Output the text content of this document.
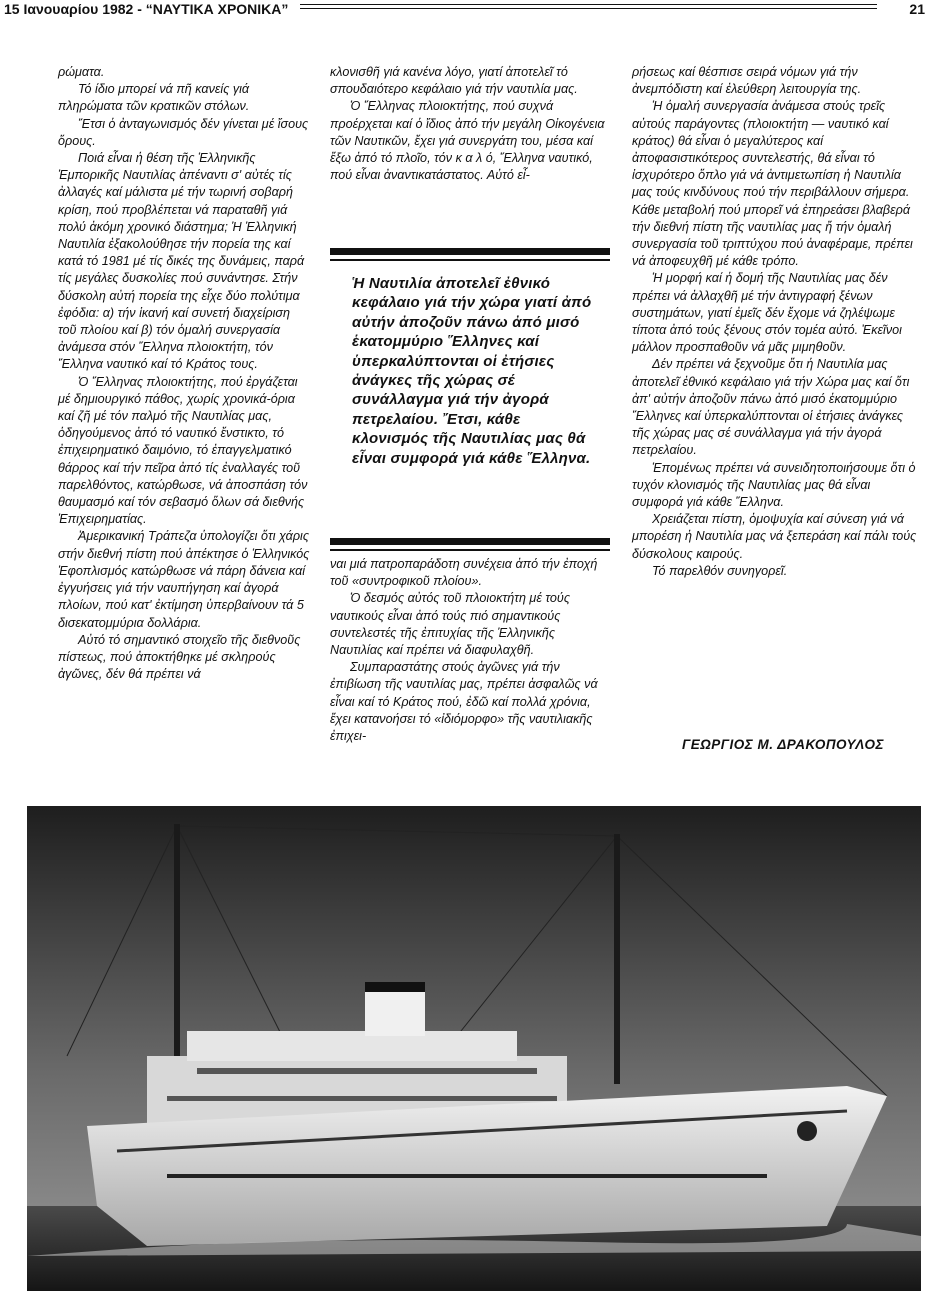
15 Ιανουαρίου 1982 - “ΝΑΥΤΙΚΑ ΧΡΟΝΙΚΑ”	21

ρώματα.

Τό ίδιο μπορεί νά πῆ κανείς γιά πληρώματα τῶν κρατικῶν στόλων.

Ἔτσι ὁ ἀνταγωνισμός δέν γίνεται μέ ἴσους ὅρους.

Ποιά εἶναι ἡ θέση τῆς Ἑλληνικῆς Ἐμπορικῆς Ναυτιλίας ἀπέναντι σ' αὐτές τίς ἀλλαγές καί μάλιστα μέ τήν τωρινή σοβαρή κρίση, πού προβλέπεται νά παραταθῆ γιά πολύ ἀκόμη χρονικό διάστημα; Ἡ Ἑλληνική Ναυτιλία ἐξακολούθησε τήν πορεία της καί κατά τό 1981 μέ τίς δικές της δυνάμεις, παρά τίς μεγάλες δυσκολίες πού συνάντησε. Στήν δύσκολη αὐτή πορεία της εἶχε δύο πολύτιμα ἐφόδια: α) τήν ἱκανή καί συνετή διαχείριση τοῦ πλοίου καί β) τόν ὁμαλή συνεργασία ἀνάμεσα στόν Ἕλληνα πλοιοκτήτη, τόν Ἕλληνα ναυτικό καί τό Κράτος τους.

Ὁ Ἕλληνας πλοιοκτήτης, πού ἐργάζεται μέ δημιουργικό πάθος, χωρίς χρονικά-όρια καί ζῆ μέ τόν παλμό τῆς Ναυτιλίας μας, ὁδηγούμενος ἀπό τό ναυτικό ἔνστικτο, τό ἐπιχειρηματικό δαιμόνιο, τό ἐπαγγελματικό θάρρος καί τήν πεῖρα ἀπό τίς ἐναλλαγές τοῦ παρελθόντος, κατώρθωσε, νά ἀποσπάση τόν θαυμασμό καί τόν σεβασμό ὅλων σά διεθνής Ἐπιχειρηματίας.

Ἀμερικανική Τράπεζα ὑπολογίζει ὅτι χάρις στήν διεθνή πίστη πού ἀπέκτησε ὁ Ἑλληνικός Ἐφοπλισμός κατώρθωσε νά πάρη δάνεια καί ἐγγυήσεις γιά τήν ναυπήγηση καί ἀγορά πλοίων, πού κατ' ἐκτίμηση ὑπερβαίνουν τά 5 δισεκατομμύρια δολλάρια.

Αὐτό τό σημαντικό στοιχεῖο τῆς διεθνοῦς πίστεως, πού ἀποκτήθηκε μέ σκληρούς ἀγῶνες, δέν θά πρέπει νά

κλονισθῆ γιά κανένα λόγο, γιατί ἀποτελεῖ τό σπουδαιότερο κεφάλαιο γιά τήν ναυτιλία μας.

Ὁ Ἕλληνας πλοιοκτήτης, πού συχνά προέρχεται καί ὁ ἴδιος ἀπό τήν μεγάλη Οἰκογένεια τῶν Ναυτικῶν, ἔχει γιά συνεργάτη του, μέσα καί ἔξω ἀπό τό πλοῖο, τόν κ α λ ό, Ἕλληνα ναυτικό, πού εἶναι ἀναντικατάστατος. Αὐτό εἶ-

Ἡ Ναυτιλία ἀποτελεῖ ἐθνικό κεφάλαιο γιά τήν χώρα γιατί ἀπό αὐτήν ἀποζοῦν πάνω ἀπό μισό ἑκατομμύριο Ἕλληνες καί ὑπερκαλύπτονται οἱ ἐτήσιες ἀνάγκες τῆς χώρας σέ συνάλλαγμα γιά τήν ἀγορά πετρελαίου. Ἔτσι, κάθε κλονισμός τῆς Ναυτιλίας μας θά εἶναι συμφορά γιά κάθε Ἕλληνα.

ναι μιά πατροπαράδοτη συνέχεια ἀπό τήν ἐποχή τοῦ «συντροφικοῦ πλοίου».

Ὁ δεσμός αὐτός τοῦ πλοιοκτήτη μέ τούς ναυτικούς εἶναι ἀπό τούς πιό σημαντικούς συντελεστές τῆς ἐπιτυχίας τῆς Ἑλληνικῆς Ναυτιλίας καί πρέπει νά διαφυλαχθῆ.

Συμπαραστάτης στούς ἀγῶνες γιά τήν ἐπιβίωση τῆς ναυτιλίας μας, πρέπει ἀσφαλῶς νά εἶναι καί τό Κράτος πού, ἐδῶ καί πολλά χρόνια, ἔχει κατανοήσει τό «ἰδιόμορφο» τῆς ναυτιλιακῆς ἐπιχει-

ρήσεως καί θέσπισε σειρά νόμων γιά τήν ἀνεμπόδιστη καί ἐλεύθερη λειτουργία της.

Ἡ ὁμαλή συνεργασία ἀνάμεσα στούς τρεῖς αὐτούς παράγοντες (πλοιοκτήτη — ναυτικό καί κράτος) θά εἶναι ὁ μεγαλύτερος καί ἀποφασιστικότερος συντελεστής, θά εἶναι τό ἰσχυρότερο ὅπλο γιά νά ἀντιμετωπίση ἡ Ναυτιλία μας τούς κινδύνους πού τήν περιβάλλουν σήμερα. Κάθε μεταβολή πού μπορεῖ νά ἐπηρεάσει βλαβερά τήν διεθνή πίστη τῆς ναυτιλίας μας ἤ τήν ὁμαλή συνεργασία τοῦ τριπτύχου πού ἀναφέραμε, πρέπει νά ἀποφευχθῆ μέ κάθε τρόπο.

Ἡ μορφή καί ἡ δομή τῆς Ναυτιλίας μας δέν πρέπει νά ἀλλαχθῆ μέ τήν ἀντιγραφή ξένων συστημάτων, γιατί ἐμεῖς δέν ἔχομε νά ζηλέψωμε τίποτα ἀπό τούς ξένους στόν τομέα αὐτό. Ἐκεῖνοι μάλλον προσπαθοῦν νά μᾶς μιμηθοῦν.

Δέν πρέπει νά ξεχνοῦμε ὅτι ἡ Ναυτιλία μας ἀποτελεῖ ἐθνικό κεφάλαιο γιά τήν Χώρα μας καί ὅτι ἀπ' αὐτήν ἀποζοῦν πάνω ἀπό μισό ἑκατομμύριο Ἕλληνες καί ὑπερκαλύπτονται οἱ ἐτήσιες ἀνάγκες τῆς χώρας μας σέ συνάλλαγμα γιά τήν ἀγορά πετρελαίου.

Ἑπομένως πρέπει νά συνειδητοποιήσουμε ὅτι ὁ τυχόν κλονισμός τῆς Ναυτιλίας μας θά εἶναι συμφορά γιά κάθε Ἕλληνα.

Χρειάζεται πίστη, ὁμοψυχία καί σύνεση γιά νά μπορέση ἡ Ναυτιλία μας νά ξεπεράση καί πάλι τούς δύσκολους καιρούς.

Τό παρελθόν συνηγορεῖ.

ΓΕΩΡΓΙΟΣ Μ. ΔΡΑΚΟΠΟΥΛΟΣ
